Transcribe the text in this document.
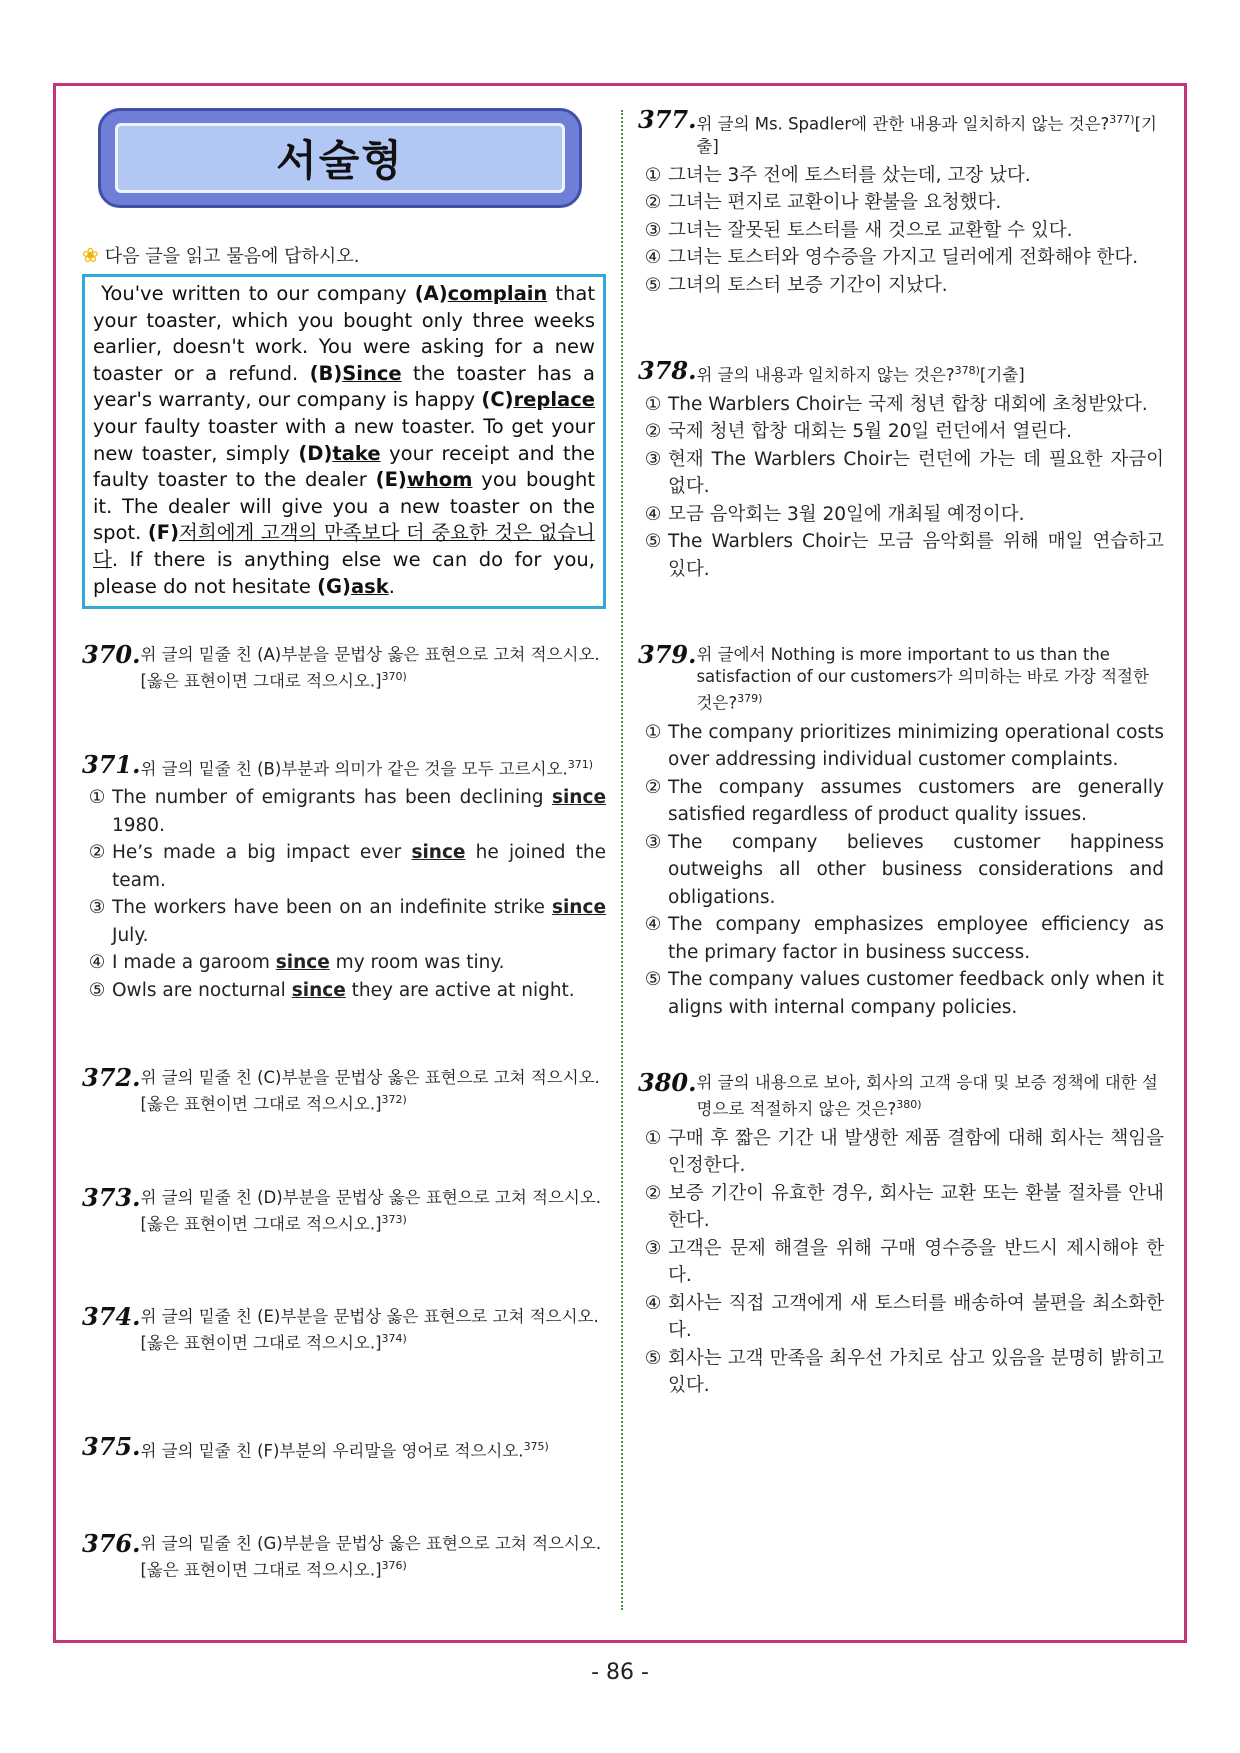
서술형
❀ 다음 글을 읽고 물음에 답하시오.
You've written to our company (A)complain that your toaster, which you bought only three weeks earlier, doesn't work. You were asking for a new toaster or a refund. (B)Since the toaster has a year's warranty, our company is happy (C)replace your faulty toaster with a new toaster. To get your new toaster, simply (D)take your receipt and the faulty toaster to the dealer (E)whom you bought it. The dealer will give you a new toaster on the spot. (F)저희에게 고객의 만족보다 더 중요한 것은 없습니다. If there is anything else we can do for you, please do not hesitate (G)ask.
370. 위 글의 밑줄 친 (A)부분을 문법상 옳은 표현으로 고쳐 적으시오. [옳은 표현이면 그대로 적으시오.]$^{370)}$
371. 위 글의 밑줄 친 (B)부분과 의미가 같은 것을 모두 고르시오.$^{371)}$
① The number of emigrants has been declining since 1980.
② He’s made a big impact ever since he joined the team.
③ The workers have been on an indefinite strike since July.
④ I made a garoom since my room was tiny.
⑤ Owls are nocturnal since they are active at night.
372. 위 글의 밑줄 친 (C)부분을 문법상 옳은 표현으로 고쳐 적으시오. [옳은 표현이면 그대로 적으시오.]$^{372)}$
373. 위 글의 밑줄 친 (D)부분을 문법상 옳은 표현으로 고쳐 적으시오.[옳은 표현이면 그대로 적으시오.]$^{373)}$
374. 위 글의 밑줄 친 (E)부분을 문법상 옳은 표현으로 고쳐 적으시오.[옳은 표현이면 그대로 적으시오.]$^{374)}$
375. 위 글의 밑줄 친 (F)부분의 우리말을 영어로 적으시오.$^{375)}$
376. 위 글의 밑줄 친 (G)부분을 문법상 옳은 표현으로 고쳐 적으시오. [옳은 표현이면 그대로 적으시오.]$^{376)}$
377. 위 글의 Ms. Spadler에 관한 내용과 일치하지 않는 것은?$^{377)}$[기출]
① 그녀는 3주 전에 토스터를 샀는데, 고장 났다.
② 그녀는 편지로 교환이나 환불을 요청했다.
③ 그녀는 잘못된 토스터를 새 것으로 교환할 수 있다.
④ 그녀는 토스터와 영수증을 가지고 딜러에게 전화해야 한다.
⑤ 그녀의 토스터 보증 기간이 지났다.
378. 위 글의 내용과 일치하지 않는 것은?$^{378)}$[기출]
① The Warblers Choir는 국제 청년 합창 대회에 초청받았다.
② 국제 청년 합창 대회는 5월 20일 런던에서 열린다.
③ 현재 The Warblers Choir는 런던에 가는 데 필요한 자금이 없다.
④ 모금 음악회는 3월 20일에 개최될 예정이다.
⑤ The Warblers Choir는 모금 음악회를 위해 매일 연습하고 있다.
379. 위 글에서 Nothing is more important to us than the satisfaction of our customers가 의미하는 바로 가장 적절한 것은?$^{379)}$
① The company prioritizes minimizing operational costs over addressing individual customer complaints.
② The company assumes customers are generally satisfied regardless of product quality issues.
③ The company believes customer happiness outweighs all other business considerations and obligations.
④ The company emphasizes employee efficiency as the primary factor in business success.
⑤ The company values customer feedback only when it aligns with internal company policies.
380. 위 글의 내용으로 보아, 회사의 고객 응대 및 보증 정책에 대한 설명으로 적절하지 않은 것은?$^{380)}$
① 구매 후 짧은 기간 내 발생한 제품 결함에 대해 회사는 책임을 인정한다.
② 보증 기간이 유효한 경우, 회사는 교환 또는 환불 절차를 안내한다.
③ 고객은 문제 해결을 위해 구매 영수증을 반드시 제시해야 한다.
④ 회사는 직접 고객에게 새 토스터를 배송하여 불편을 최소화한다.
⑤ 회사는 고객 만족을 최우선 가치로 삼고 있음을 분명히 밝히고 있다.
- 86 -
